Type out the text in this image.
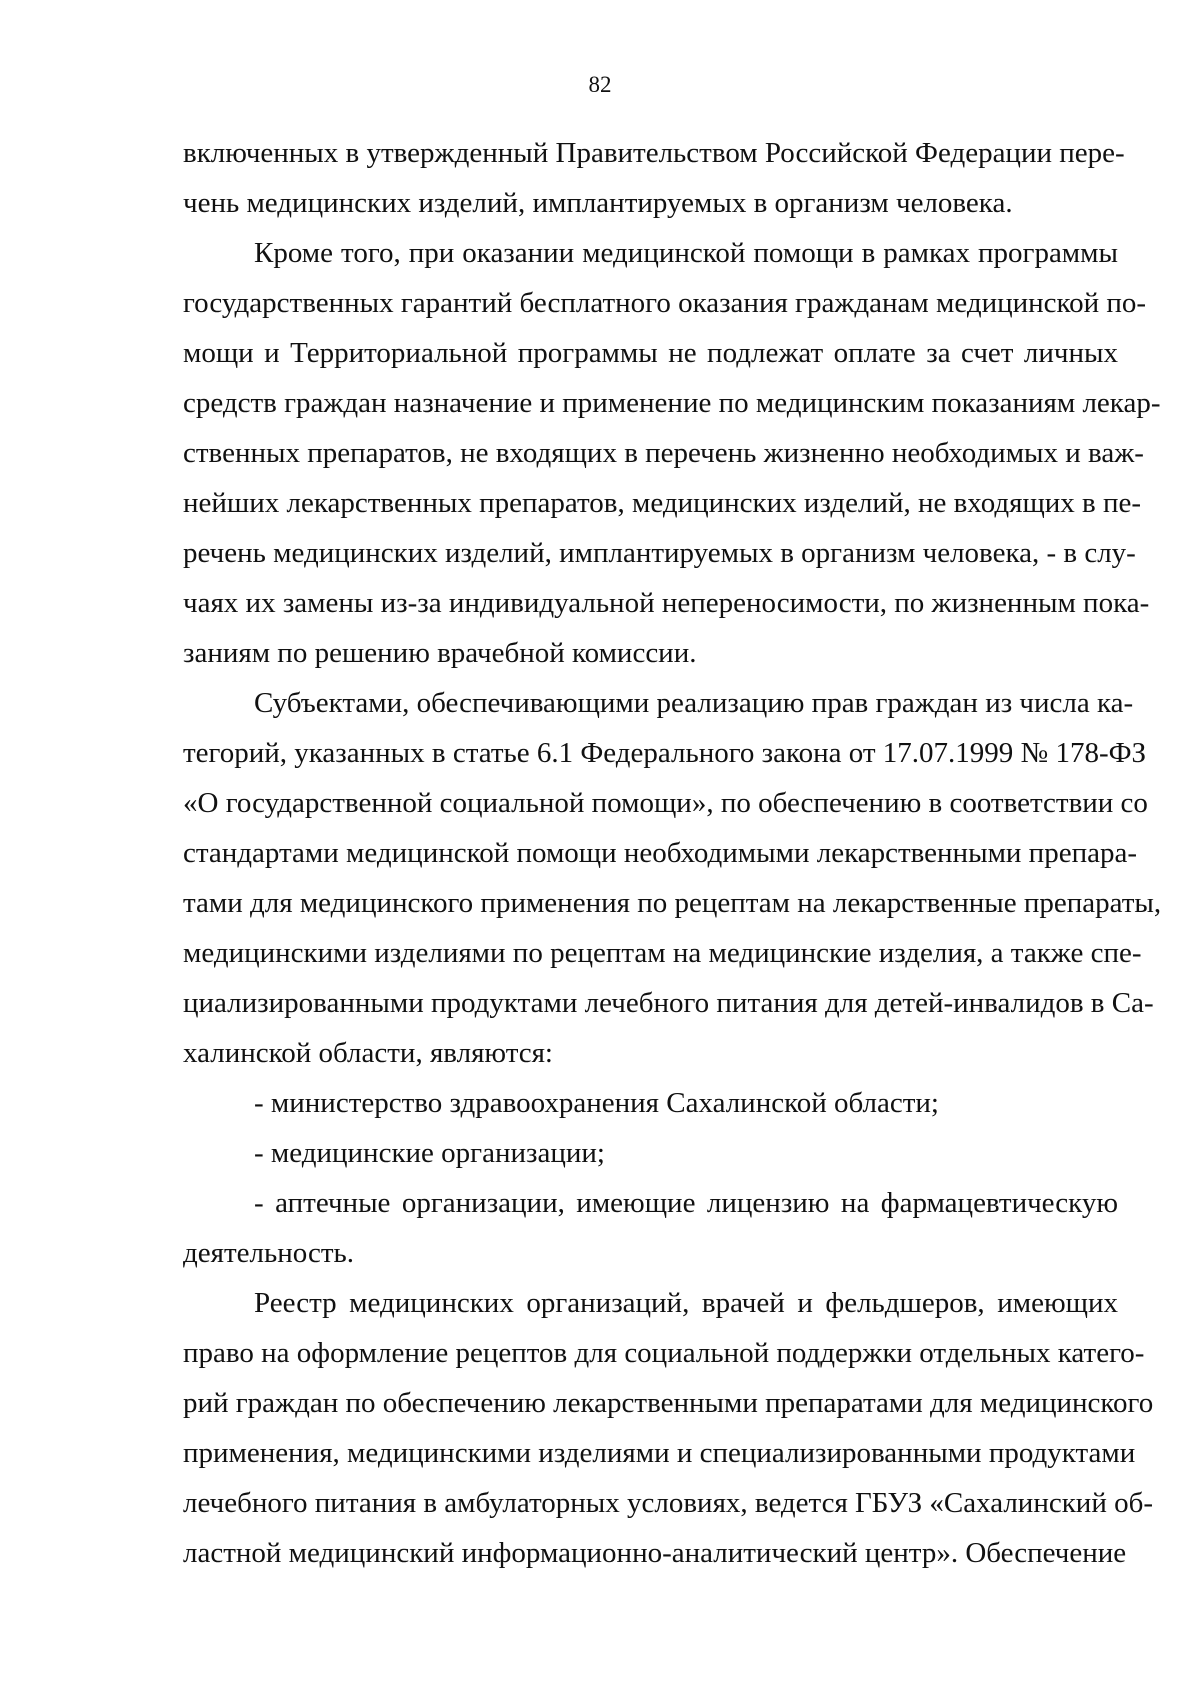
82
включенных в утвержденный Правительством Российской Федерации пере-
чень медицинских изделий, имплантируемых в организм человека.
Кроме того, при оказании медицинской помощи в рамках программы
государственных гарантий бесплатного оказания гражданам медицинской по-
мощи и Территориальной программы не подлежат оплате за счет личных
средств граждан назначение и применение по медицинским показаниям лекар-
ственных препаратов, не входящих в перечень жизненно необходимых и важ-
нейших лекарственных препаратов, медицинских изделий, не входящих в пе-
речень медицинских изделий, имплантируемых в организм человека, - в слу-
чаях их замены из-за индивидуальной непереносимости, по жизненным пока-
заниям по решению врачебной комиссии.
Субъектами, обеспечивающими реализацию прав граждан из числа ка-
тегорий, указанных в статье 6.1 Федерального закона от 17.07.1999 № 178-ФЗ
«О государственной социальной помощи», по обеспечению в соответствии со
стандартами медицинской помощи необходимыми лекарственными препара-
тами для медицинского применения по рецептам на лекарственные препараты,
медицинскими изделиями по рецептам на медицинские изделия, а также спе-
циализированными продуктами лечебного питания для детей-инвалидов в Са-
халинской области, являются:
- министерство здравоохранения Сахалинской области;
- медицинские организации;
- аптечные организации, имеющие лицензию на фармацевтическую
деятельность.
Реестр медицинских организаций, врачей и фельдшеров, имеющих
право на оформление рецептов для социальной поддержки отдельных катего-
рий граждан по обеспечению лекарственными препаратами для медицинского
применения, медицинскими изделиями и специализированными продуктами
лечебного питания в амбулаторных условиях, ведется ГБУЗ «Сахалинский об-
ластной медицинский информационно-аналитический центр». Обеспечение
